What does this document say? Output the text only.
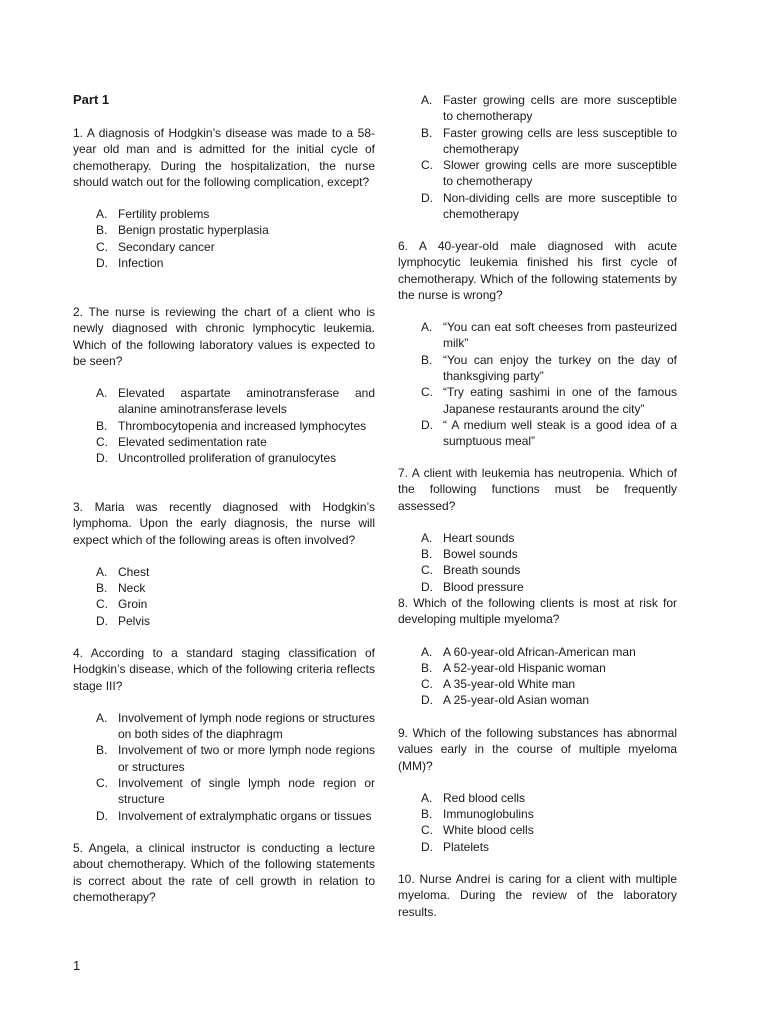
Part 1

1. A diagnosis of Hodgkin’s disease was made to a 58- year old man and is admitted for the initial cycle of chemotherapy. During the hospitalization, the nurse should watch out for the following complication, except?

A. Fertility problems
B. Benign prostatic hyperplasia
C. Secondary cancer
D. Infection

2. The nurse is reviewing the chart of a client who is newly diagnosed with chronic lymphocytic leukemia. Which of the following laboratory values is expected to be seen?

A. Elevated aspartate aminotransferase and alanine aminotransferase levels
B. Thrombocytopenia and increased lymphocytes
C. Elevated sedimentation rate
D. Uncontrolled proliferation of granulocytes

3. Maria was recently diagnosed with Hodgkin’s lymphoma. Upon the early diagnosis, the nurse will expect which of the following areas is often involved?

A. Chest
B. Neck
C. Groin
D. Pelvis

4. According to a standard staging classification of Hodgkin’s disease, which of the following criteria reflects stage III?

A. Involvement of lymph node regions or structures on both sides of the diaphragm
B. Involvement of two or more lymph node regions or structures
C. Involvement of single lymph node region or structure
D. Involvement of extralymphatic organs or tissues

5. Angela, a clinical instructor is conducting a lecture about chemotherapy. Which of the following statements is correct about the rate of cell growth in relation to chemotherapy?

A. Faster growing cells are more susceptible to chemotherapy
B. Faster growing cells are less susceptible to chemotherapy
C. Slower growing cells are more susceptible to chemotherapy
D. Non-dividing cells are more susceptible to chemotherapy

6. A 40-year-old male diagnosed with acute lymphocytic leukemia finished his first cycle of chemotherapy. Which of the following statements by the nurse is wrong?

A. “You can eat soft cheeses from pasteurized milk”
B. “You can enjoy the turkey on the day of thanksgiving party”
C. “Try eating sashimi in one of the famous Japanese restaurants around the city”
D. “ A medium well steak is a good idea of a sumptuous meal”

7. A client with leukemia has neutropenia. Which of the following functions must be frequently assessed?

A. Heart sounds
B. Bowel sounds
C. Breath sounds
D. Blood pressure

8. Which of the following clients is most at risk for developing multiple myeloma?

A. A 60-year-old African-American man
B. A 52-year-old Hispanic woman
C. A 35-year-old White man
D. A 25-year-old Asian woman

9. Which of the following substances has abnormal values early in the course of multiple myeloma (MM)?

A. Red blood cells
B. Immunoglobulins
C. White blood cells
D. Platelets

10. Nurse Andrei is caring for a client with multiple myeloma. During the review of the laboratory results.

1
